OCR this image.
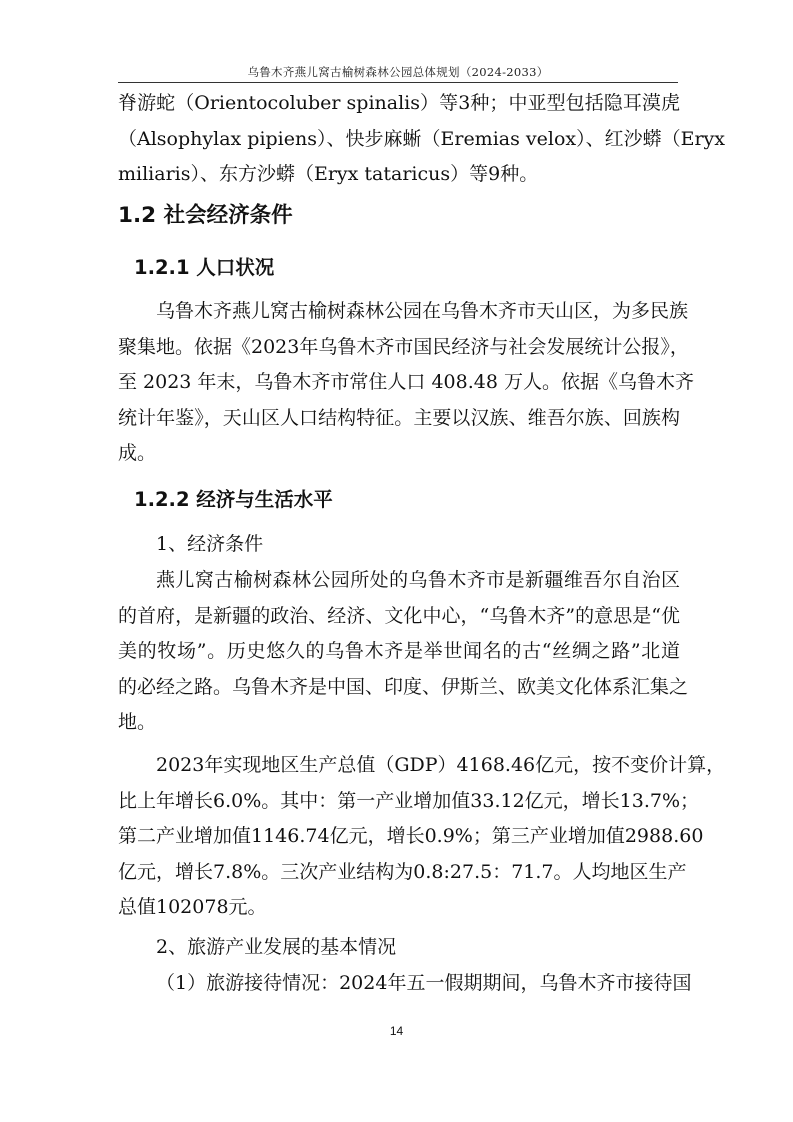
乌鲁木齐燕儿窝古榆树森林公园总体规划（2024-2033）
脊游蛇（Orientocoluber spinalis）等3种；中亚型包括隐耳漠虎
（Alsophylax pipiens）、快步麻蜥（Eremias velox）、红沙蟒（Eryx
miliaris）、东方沙蟒（Eryx tataricus）等9种。
1.2 社会经济条件
1.2.1 人口状况
乌鲁木齐燕儿窝古榆树森林公园在乌鲁木齐市天山区，为多民族
聚集地。依据《2023年乌鲁木齐市国民经济与社会发展统计公报》，
至 2023 年末，乌鲁木齐市常住人口 408.48 万人。依据《乌鲁木齐
统计年鉴》，天山区人口结构特征。主要以汉族、维吾尔族、回族构
成。
1.2.2 经济与生活水平
1、经济条件
燕儿窝古榆树森林公园所处的乌鲁木齐市是新疆维吾尔自治区
的首府，是新疆的政治、经济、文化中心，“乌鲁木齐”的意思是“优
美的牧场”。历史悠久的乌鲁木齐是举世闻名的古“丝绸之路”北道
的必经之路。乌鲁木齐是中国、印度、伊斯兰、欧美文化体系汇集之
地。
2023年实现地区生产总值（GDP）4168.46亿元，按不变价计算，
比上年增长6.0%。其中：第一产业增加值33.12亿元，增长13.7%；
第二产业增加值1146.74亿元，增长0.9%；第三产业增加值2988.60
亿元，增长7.8%。三次产业结构为0.8:27.5：71.7。人均地区生产
总值102078元。
2、旅游产业发展的基本情况
（1）旅游接待情况：2024年五一假期期间，乌鲁木齐市接待国
14
